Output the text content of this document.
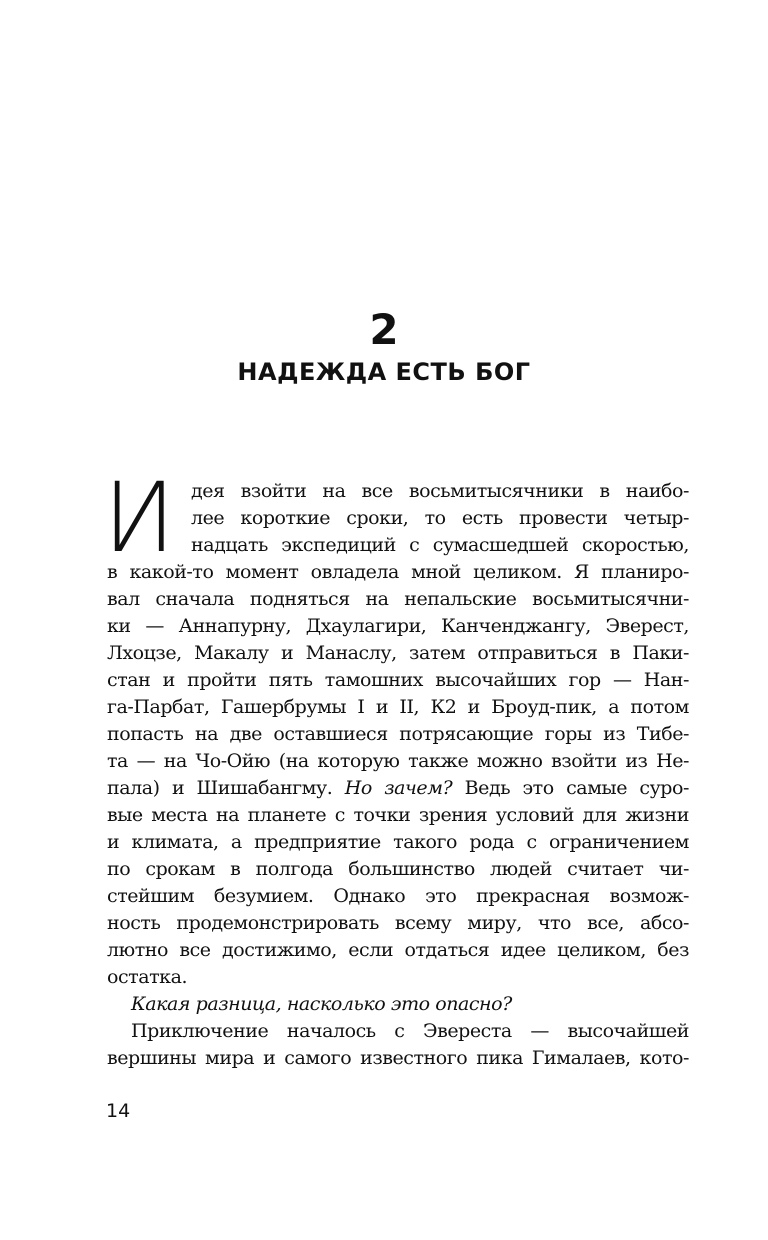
2
НАДЕЖДА ЕСТЬ БОГ
И дея взойти на все восьмитысячники в наибо-
лее короткие сроки, то есть провести четыр-
надцать экспедиций с сумасшедшей скоростью,
в какой-то момент овладела мной целиком. Я планиро-
вал сначала подняться на непальские восьмитысячни-
ки — Аннапурну, Дхаулагири, Канченджангу, Эверест,
Лхоцзе, Макалу и Манаслу, затем отправиться в Паки-
стан и пройти пять тамошних высочайших гор — Нан-
га-Парбат, Гашербрумы I и II, К2 и Броуд-пик, а потом
попасть на две оставшиеся потрясающие горы из Тибе-
та — на Чо-Ойю (на которую также можно взойти из Не-
пала) и Шишабангму. Но зачем? Ведь это самые суро-
вые места на планете с точки зрения условий для жизни
и климата, а предприятие такого рода с ограничением
по срокам в полгода большинство людей считает чи-
стейшим безумием. Однако это прекрасная возмож-
ность продемонстрировать всему миру, что все, абсо-
лютно все достижимо, если отдаться идее целиком, без
остатка.
Какая разница, насколько это опасно?
Приключение началось с Эвереста — высочайшей
вершины мира и самого известного пика Гималаев, кото-
14
